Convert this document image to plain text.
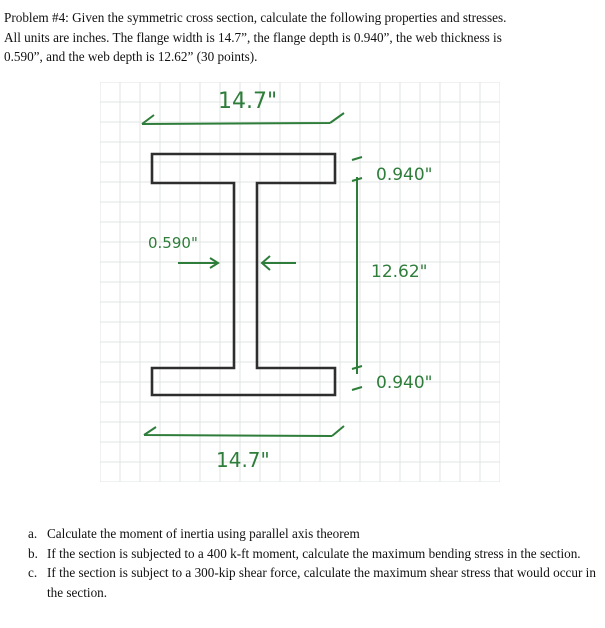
Problem #4: Given the symmetric cross section, calculate the following properties and stresses.

All units are inches. The flange width is 14.7”, the flange depth is 0.940”, the web thickness is

0.590”, and the web depth is 12.62” (30 points).

14.7"
0.590"
0.940"
12.62"
0.940"
14.7"
a. Calculate the moment of inertia using parallel axis theorem
b. If the section is subjected to a 400 k-ft moment, calculate the maximum bending stress in the section.
c. If the section is subject to a 300-kip shear force, calculate the maximum shear stress that would occur in the section.
